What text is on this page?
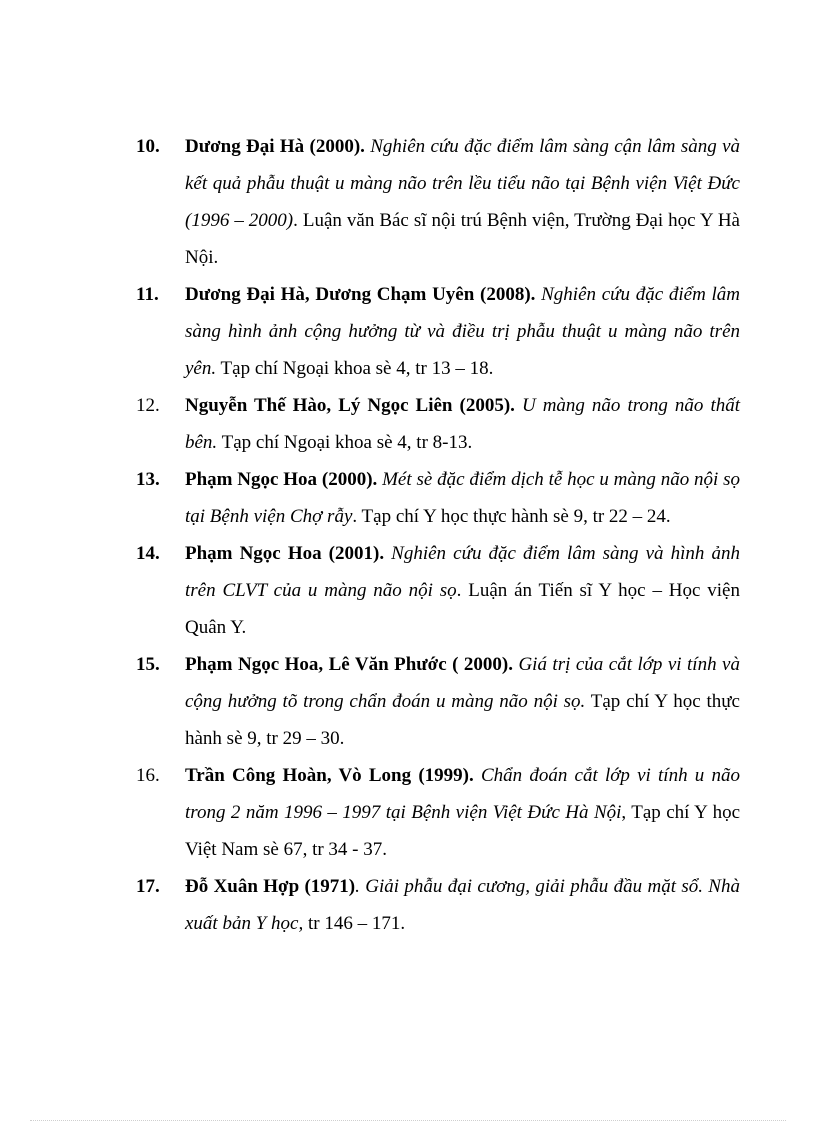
10. Dương Đại Hà (2000). Nghiên cứu đặc điểm lâm sàng cận lâm sàng và kết quả phẫu thuật u màng não trên lều tiểu não tại Bệnh viện Việt Đức (1996 – 2000). Luận văn Bác sĩ nội trú Bệnh viện, Trường Đại học Y Hà Nội.
11. Dương Đại Hà, Dương Chạm Uyên (2008). Nghiên cứu đặc điểm lâm sàng hình ảnh cộng hưởng từ và điều trị phẫu thuật u màng não trên yên. Tạp chí Ngoại khoa sè 4, tr 13 – 18.
12. Nguyễn Thế Hào, Lý Ngọc Liên (2005). U màng não trong não thất bên. Tạp chí Ngoại khoa sè 4, tr 8-13.
13. Phạm Ngọc Hoa (2000). Mét sè đặc điểm dịch tễ học u màng não nội sọ tại Bệnh viện Chợ rẫy. Tạp chí Y học thực hành sè 9, tr 22 – 24.
14. Phạm Ngọc Hoa (2001). Nghiên cứu đặc điểm lâm sàng và hình ảnh trên CLVT của u màng não nội sọ. Luận án Tiến sĩ Y học – Học viện Quân Y.
15. Phạm Ngọc Hoa, Lê Văn Phước ( 2000). Giá trị của cắt lớp vi tính và cộng hưởng tõ trong chẩn đoán u màng não nội sọ. Tạp chí Y học thực hành sè 9, tr 29 – 30.
16. Trần Công Hoàn, Vò Long (1999). Chẩn đoán cắt lớp vi tính u não trong 2 năm 1996 – 1997 tại Bệnh viện Việt Đức Hà Nội, Tạp chí Y học Việt Nam sè 67, tr 34 - 37.
17. Đỗ Xuân Hợp (1971). Giải phẫu đại cương, giải phẫu đầu mặt sổ. Nhà xuất bản Y học, tr 146 – 171.
